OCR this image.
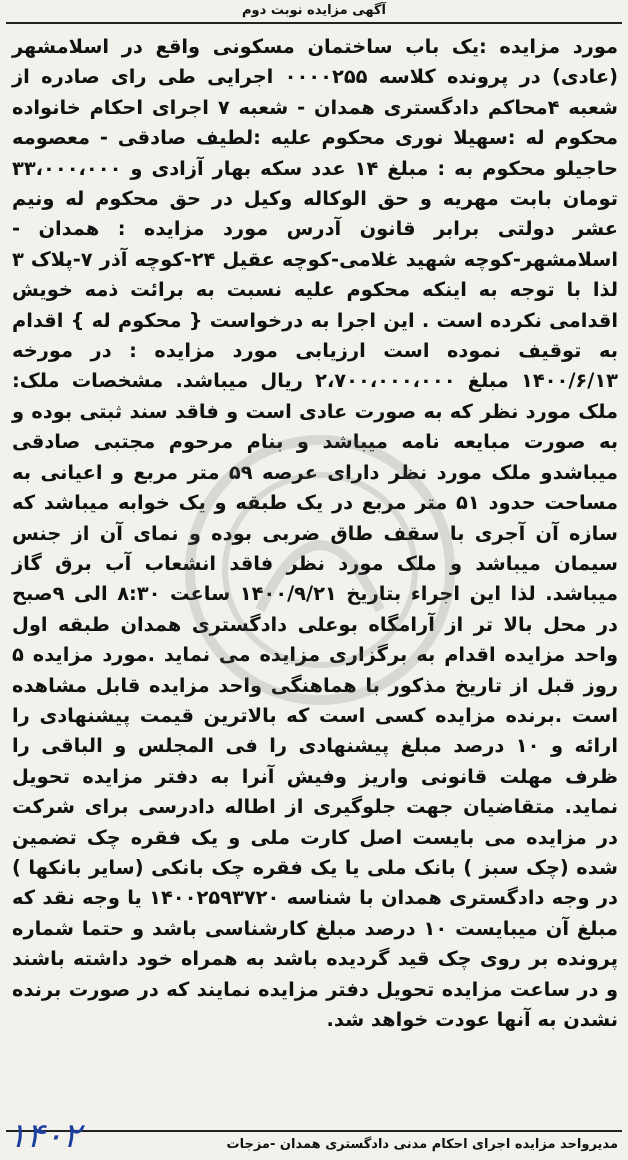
آگهی مزایده نوبت دوم
مورد مزایده :یک باب ساختمان مسکونی واقع در اسلامشهر (عادی) در پرونده کلاسه ۰۰۰۰۲۵۵ اجرایی طی رای صادره از شعبه ۴محاکم دادگستری همدان - شعبه ۷ اجرای احکام خانواده محکوم له :سهیلا نوری محکوم علیه :لطیف صادقی - معصومه حاجیلو محکوم به : مبلغ ۱۴ عدد سکه بهار آزادی و ۳۳،۰۰۰،۰۰۰ تومان بابت مهریه و حق الوکاله وکیل در حق محکوم له ونیم عشر دولتی برابر قانون آدرس مورد مزایده : همدان - اسلامشهر-کوچه شهید غلامی-کوچه عقیل ۲۴-کوچه آذر ۷-پلاک ۳ لذا با توجه به اینکه محکوم علیه نسبت به برائت ذمه خویش اقدامی نکرده است . این اجرا به درخواست { محکوم له } اقدام به توقیف نموده است ارزیابی مورد مزایده : در مورخه ۱۴۰۰/۶/۱۳ مبلغ ۲،۷۰۰،۰۰۰،۰۰۰ ریال میباشد. مشخصات ملک: ملک مورد نظر که به صورت عادی است و فاقد سند ثبتی بوده و به صورت مبایعه نامه میباشد و بنام مرحوم مجتبی صادقی میباشدو ملک مورد نظر دارای عرصه ۵۹ متر مربع و اعیانی به مساحت حدود ۵۱ متر مربع در یک طبقه و یک خوابه میباشد که سازه آن آجری با سقف طاق ضربی بوده و نمای آن از جنس سیمان میباشد و ملک مورد نظر فاقد انشعاب آب برق گاز میباشد. لذا این اجراء بتاریخ ۱۴۰۰/۹/۲۱ ساعت ۸:۳۰ الی ۹صبح در محل بالا تر از آرامگاه بوعلی دادگستری همدان طبقه اول واحد مزایده اقدام به برگزاری مزایده می نماید .مورد مزایده ۵ روز قبل از تاریخ مذکور با هماهنگی واحد مزایده قابل مشاهده است .برنده مزایده کسی است که بالاترین قیمت پیشنهادی را ارائه و ۱۰ درصد مبلغ پیشنهادی را فی المجلس و الباقی را ظرف مهلت قانونی واریز وفیش آنرا به دفتر مزایده تحویل نماید. متقاضیان جهت جلوگیری از اطاله دادرسی برای شرکت در مزایده می بایست اصل کارت ملی و یک فقره چک تضمین شده (چک سبز ) بانک ملی یا یک فقره چک بانکی (سایر بانکها ) در وجه دادگستری همدان با شناسه ۱۴۰۰۲۵۹۳۷۲۰ یا وجه نقد که مبلغ آن میبایست ۱۰ درصد مبلغ کارشناسی باشد و حتما شماره پرونده بر روی چک قید گردیده باشد به همراه خود داشته باشند و در ساعت مزایده تحویل دفتر مزایده نمایند که در صورت برنده نشدن به آنها عودت خواهد شد.
مدیرواحد مزایده اجرای احکام مدنی دادگستری همدان -مزجات
۱۴۰۲
